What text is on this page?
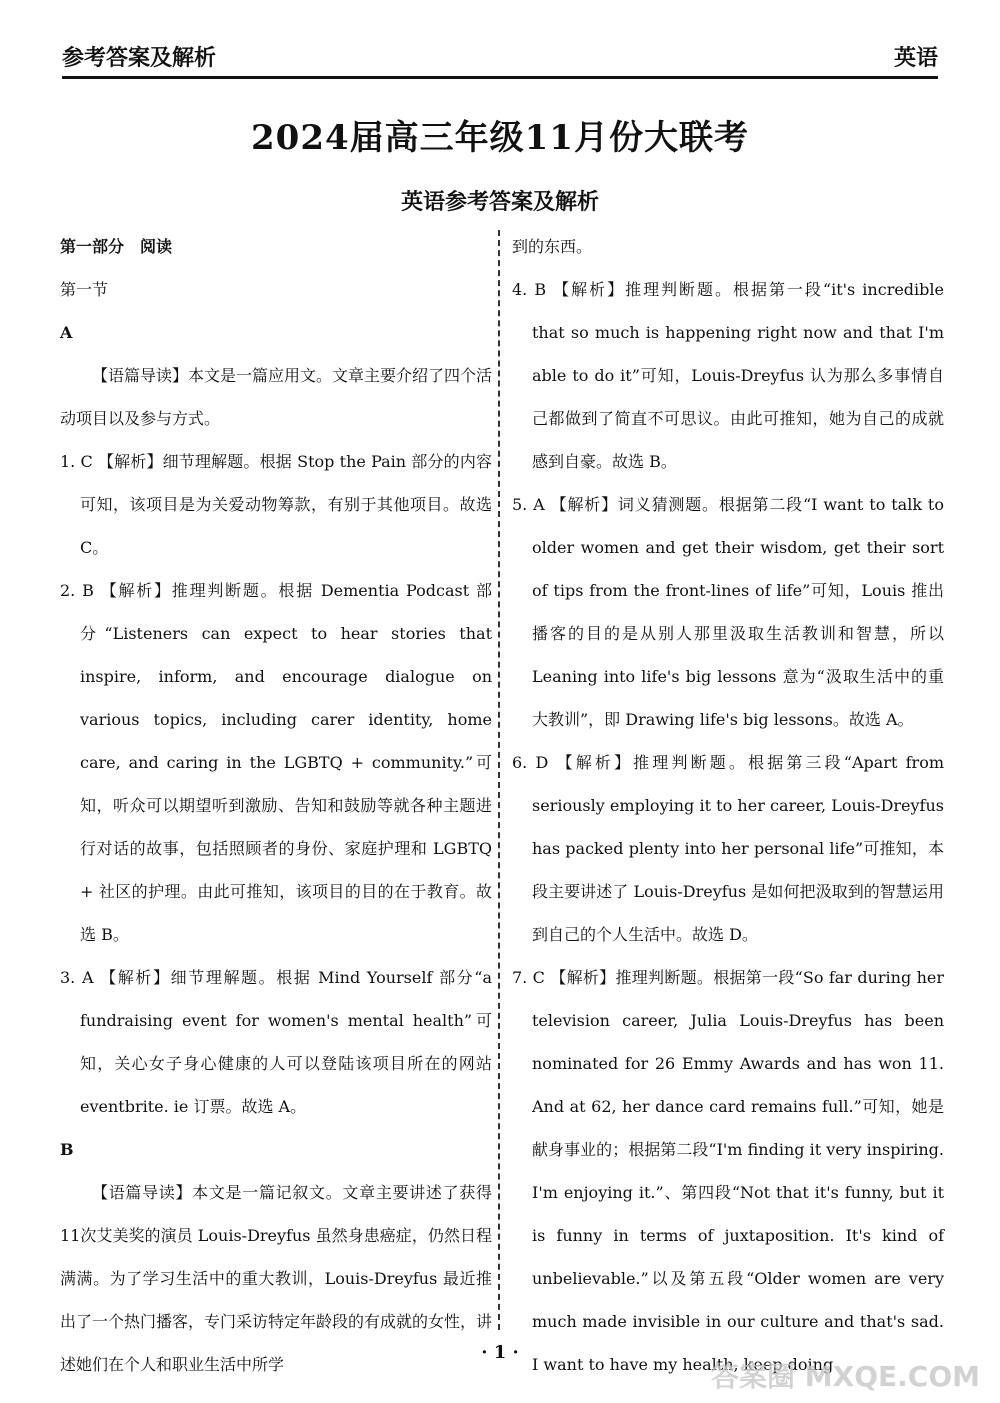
参考答案及解析	英语
2024届高三年级11月份大联考
英语参考答案及解析

第一部分　阅读

第一节

A

【语篇导读】本文是一篇应用文。文章主要介绍了四个活动项目以及参与方式。

1. C 【解析】细节理解题。根据 Stop the Pain 部分的内容可知，该项目是为关爱动物筹款，有别于其他项目。故选 C。

2. B 【解析】推理判断题。根据 Dementia Podcast 部分“Listeners can expect to hear stories that inspire, inform, and encourage dialogue on various topics, including carer identity, home care, and caring in the LGBTQ + community.”可知，听众可以期望听到激励、告知和鼓励等就各种主题进行对话的故事，包括照顾者的身份、家庭护理和 LGBTQ + 社区的护理。由此可推知，该项目的目的在于教育。故选 B。

3. A 【解析】细节理解题。根据 Mind Yourself 部分“a fundraising event for women's mental health”可知，关心女子身心健康的人可以登陆该项目所在的网站 eventbrite. ie 订票。故选 A。

B

【语篇导读】本文是一篇记叙文。文章主要讲述了获得11次艾美奖的演员 Louis-Dreyfus 虽然身患癌症，仍然日程满满。为了学习生活中的重大教训，Louis-Dreyfus 最近推出了一个热门播客，专门采访特定年龄段的有成就的女性，讲述她们在个人和职业生活中所学

到的东西。

4. B 【解析】推理判断题。根据第一段“it's incredible that so much is happening right now and that I'm able to do it”可知，Louis-Dreyfus 认为那么多事情自己都做到了简直不可思议。由此可推知，她为自己的成就感到自豪。故选 B。

5. A 【解析】词义猜测题。根据第二段“I want to talk to older women and get their wisdom, get their sort of tips from the front-lines of life”可知，Louis 推出播客的目的是从别人那里汲取生活教训和智慧，所以 Leaning into life's big lessons 意为“汲取生活中的重大教训”，即 Drawing life's big lessons。故选 A。

6. D 【解析】推理判断题。根据第三段“Apart from seriously employing it to her career, Louis-Dreyfus has packed plenty into her personal life”可推知，本段主要讲述了 Louis-Dreyfus 是如何把汲取到的智慧运用到自己的个人生活中。故选 D。

7. C 【解析】推理判断题。根据第一段“So far during her television career, Julia Louis-Dreyfus has been nominated for 26 Emmy Awards and has won 11. And at 62, her dance card remains full.”可知，她是献身事业的；根据第二段“I'm finding it very inspiring. I'm enjoying it.”、第四段“Not that it's funny, but it is funny in terms of juxtaposition. It's kind of unbelievable.”以及第五段“Older women are very much made invisible in our culture and that's sad. I want to have my health, keep doing

· 1 ·
答案圈 MXQE.COM
